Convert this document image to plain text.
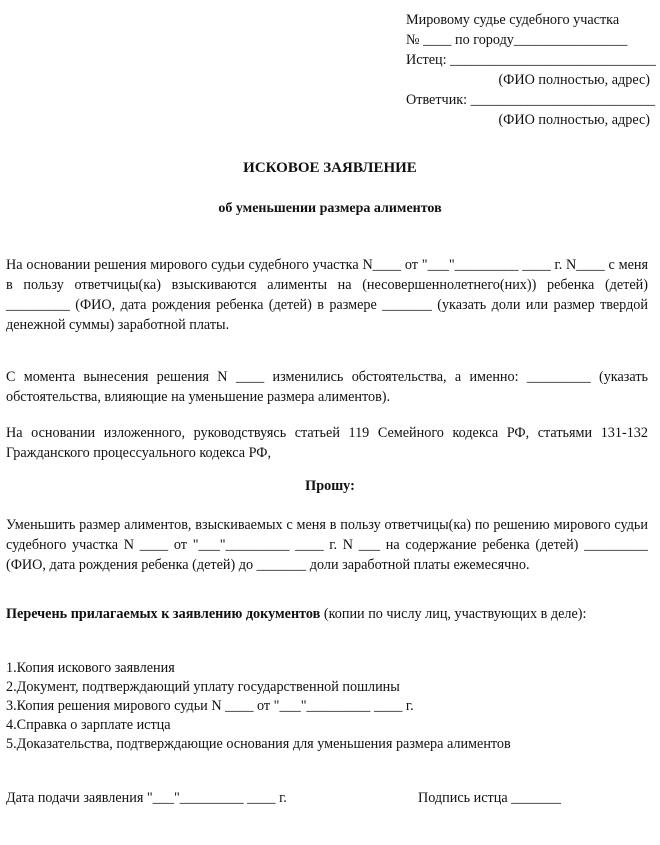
Мировому судье судебного участка
№ ____ по городу________________
Истец: _____________________________
(ФИО полностью, адрес)
Ответчик: __________________________
(ФИО полностью, адрес)
ИСКОВОЕ ЗАЯВЛЕНИЕ
об уменьшении размера алиментов

На основании решения мирового судьи судебного участка N____ от "___"_________ ____ г. N____ с меня в пользу ответчицы(ка) взыскиваются алименты на (несовершеннолетнего(них)) ребенка (детей) _________ (ФИО, дата рождения ребенка (детей) в размере _______ (указать доли или размер твердой денежной суммы) заработной платы.

С момента вынесения решения N ____ изменились обстоятельства, а именно: _________ (указать обстоятельства, влияющие на уменьшение размера алиментов).

На основании изложенного, руководствуясь статьей 119 Семейного кодекса РФ, статьями 131-132 Гражданского процессуального кодекса РФ,

Прошу:

Уменьшить размер алиментов, взыскиваемых с меня в пользу ответчицы(ка) по решению мирового судьи судебного участка N ____ от "___"_________ ____ г. N ___ на содержание ребенка (детей) _________ (ФИО, дата рождения ребенка (детей) до _______ доли заработной платы ежемесячно.

Перечень прилагаемых к заявлению документов (копии по числу лиц, участвующих в деле):

1.Копия искового заявления
2.Документ, подтверждающий уплату государственной пошлины
3.Копия решения мирового судьи N ____ от "___"_________ ____ г.
4.Справка о зарплате истца
5.Доказательства, подтверждающие основания для уменьшения размера алиментов
Дата подачи заявления "___"_________ ____ г.	Подпись истца _______
